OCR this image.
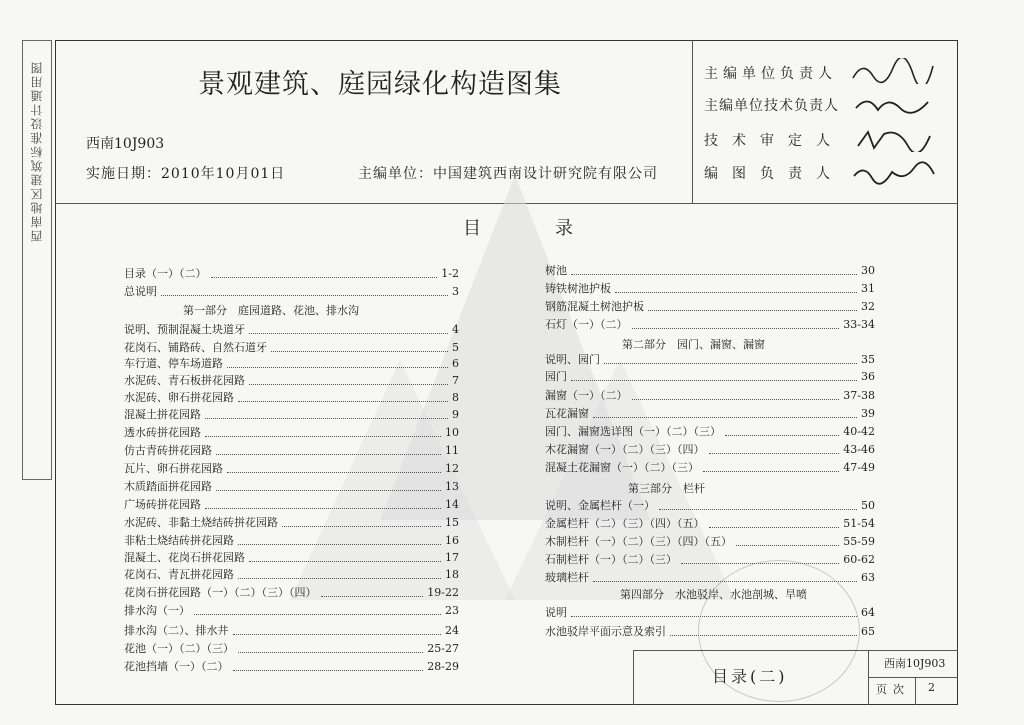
西南地区建筑标准设计通用图	景观建筑、庭园绿化构造图集
西南10J903
实施日期：2010年10月01日	主编单位：中国建筑西南设计研究院有限公司
主编单位负责人
主编单位技术负责人
技术审定人
编图负责人
目	录
目录（一）（二）	1-2
总说明	3
说明、预制混凝土块道牙	4
花岗石、铺路砖、自然石道牙	5
车行道、停车场道路	6
水泥砖、青石板拼花园路	7
水泥砖、卵石拼花园路	8
混凝土拼花园路	9
透水砖拼花园路	10
仿古青砖拼花园路	11
瓦片、卵石拼花园路	12
木质踏面拼花园路	13
广场砖拼花园路	14
水泥砖、非黏土烧结砖拼花园路	15
非粘土烧结砖拼花园路	16
混凝土、花岗石拼花园路	17
花岗石、青瓦拼花园路	18
花岗石拼花园路（一）（二）（三）（四）	19-22
排水沟（一）	23
排水沟（二）、排水井	24
花池（一）（二）（三）	25-27
花池挡墙（一）（二）	28-29
第一部分　庭园道路、花池、排水沟
树池	30
铸铁树池护板	31
钢筋混凝土树池护板	32
石灯（一）（二）	33-34
说明、园门	35
园门	36
漏窗（一）（二）	37-38
瓦花漏窗	39
园门、漏窗选详图（一）（二）（三）	40-42
木花漏窗（一）（二）（三）（四）	43-46
混凝土花漏窗（一）（二）（三）	47-49
说明、金属栏杆（一）	50
金属栏杆（二）（三）（四）（五）	51-54
木制栏杆（一）（二）（三）（四）（五）	55-59
石制栏杆（一）（二）（三）	60-62
玻璃栏杆	63
说明	64
水池驳岸平面示意及索引	65
第二部分　园门、漏窗、漏窗
第三部分　栏杆
第四部分　水池驳岸、水池剖城、旱喷
目录(二)
西南10J903
页次 2
